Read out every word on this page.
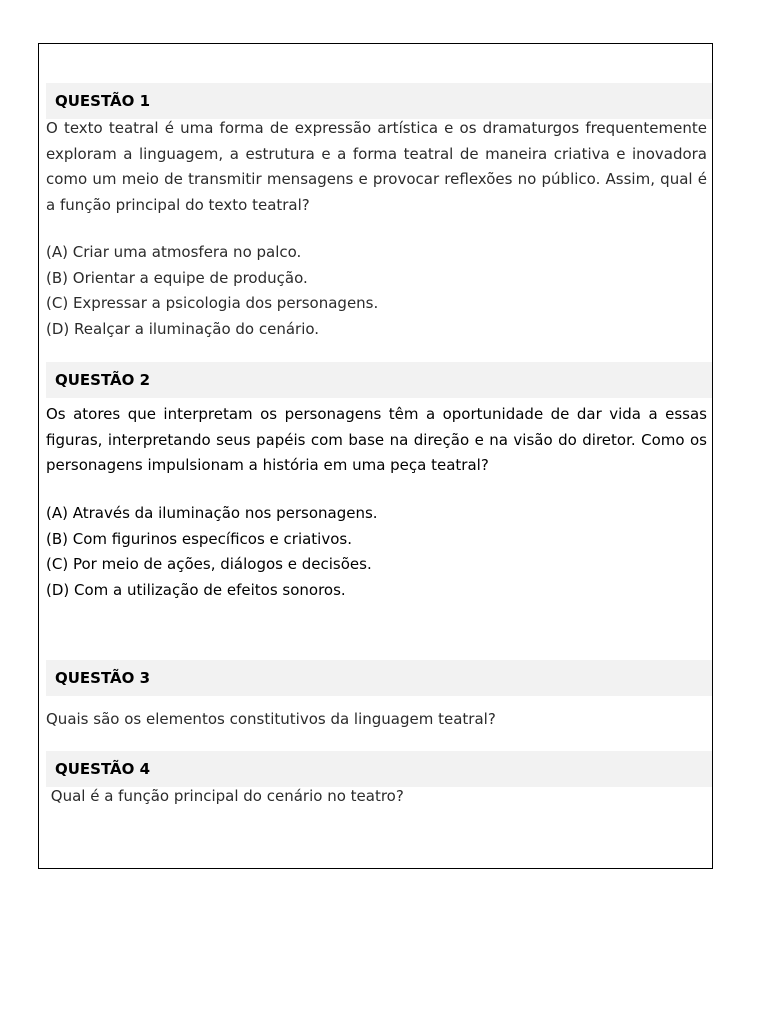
QUESTÃO 1

O texto teatral é uma forma de expressão artística e os dramaturgos frequentemente exploram a linguagem, a estrutura e a forma teatral de maneira criativa e inovadora como um meio de transmitir mensagens e provocar reflexões no público. Assim, qual é a função principal do texto teatral?

(A) Criar uma atmosfera no palco.
(B) Orientar a equipe de produção.
(C) Expressar a psicologia dos personagens.
(D) Realçar a iluminação do cenário.
QUESTÃO 2

Os atores que interpretam os personagens têm a oportunidade de dar vida a essas figuras, interpretando seus papéis com base na direção e na visão do diretor. Como os personagens impulsionam a história em uma peça teatral?

(A) Através da iluminação nos personagens.
(B) Com figurinos específicos e criativos.
(C) Por meio de ações, diálogos e decisões.
(D) Com a utilização de efeitos sonoros.
QUESTÃO 3

Quais são os elementos constitutivos da linguagem teatral?

QUESTÃO 4

Qual é a função principal do cenário no teatro?
